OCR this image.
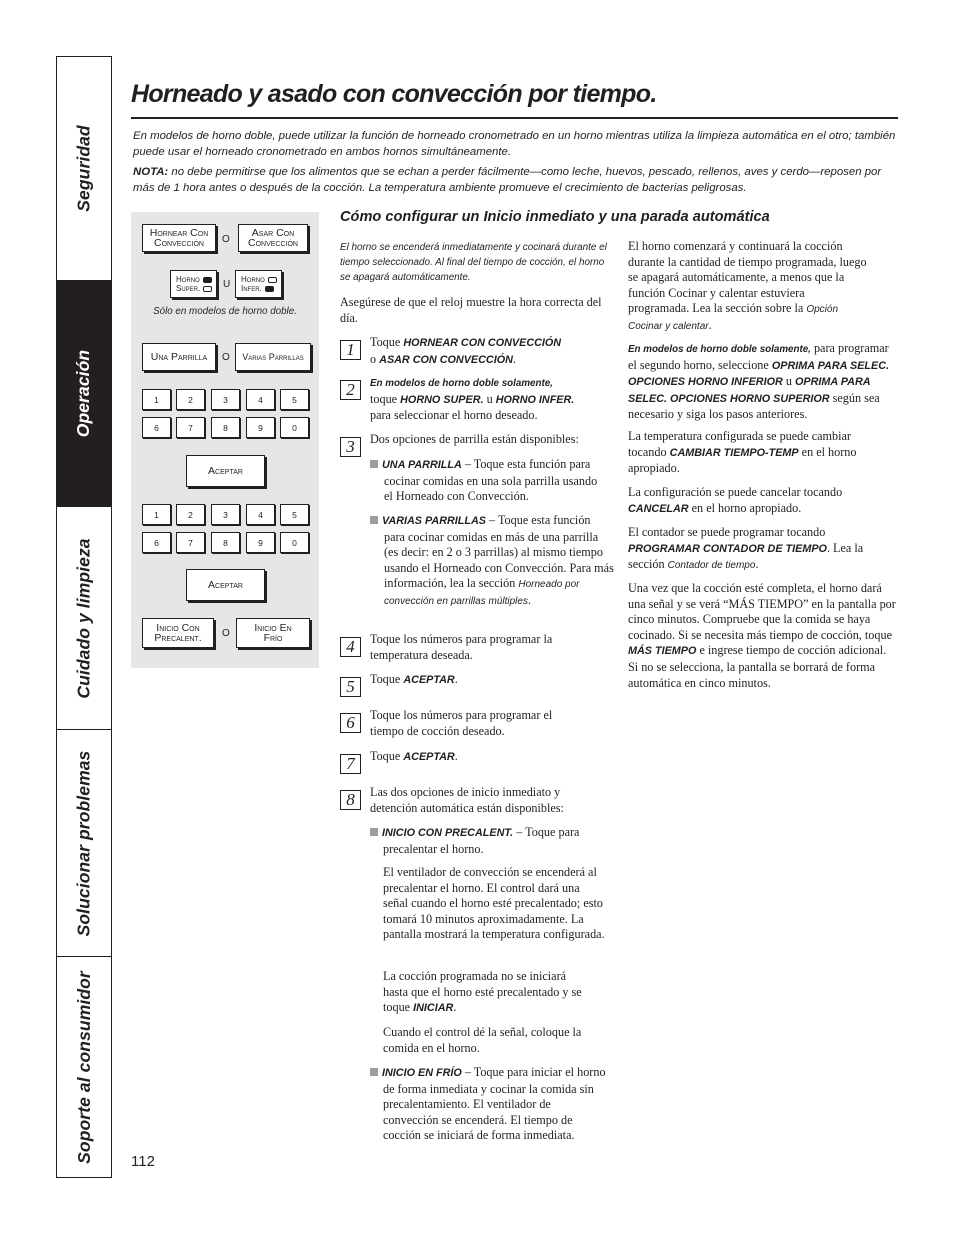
Seguridad
Operación
Cuidado y limpieza
Solucionar problemas
Soporte al consumidor
Horneado y asado con convección por tiempo.

En modelos de horno doble, puede utilizar la función de horneado cronometrado en un horno mientras utiliza la limpieza automática en el otro; también puede usar el horneado cronometrado en ambos hornos simultáneamente.

NOTA: no debe permitirse que los alimentos que se echan a perder fácilmente—como leche, huevos, pescado, rellenos, aves y cerdo—reposen por más de 1 hora antes o después de la cocción. La temperatura ambiente promueve el crecimiento de bacterias peligrosas.

Hornear Con
Convección	O
Asar Con
Convección
Horno
Super. U Horno
Infer.
Sólo en modelos de horno doble.
Una Parrilla	O	Varias Parrillas
1	2	3	4	5
6	7	8	9	0
Aceptar
1	2	3	4	5
6	7	8	9	0
Aceptar
Inicio Con
Precalent. O Inicio En
Frío
Cómo configurar un Inicio inmediato y una parada automática

El horno se encenderá inmediatamente y cocinará durante el tiempo seleccionado. Al final del tiempo de cocción, el horno se apagará automáticamente.

Asegúrese de que el reloj muestre la hora correcta del día.

1	Toque HORNEAR CON CONVECCIÓN
o ASAR CON CONVECCIÓN.

2	En modelos de horno doble solamente, toque HORNO SUPER. u HORNO INFER. para seleccionar el horno deseado.

3	Dos opciones de parrilla están disponibles:

UNA PARRILLA – Toque esta función para cocinar comidas en una sola parrilla usando el Horneado con Convección.

VARIAS PARRILLAS – Toque esta función para cocinar comidas en más de una parrilla (es decir: en 2 o 3 parrillas) al mismo tiempo usando el Horneado con Convección. Para más información, lea la sección Horneado por convección en parrillas múltiples.

4	Toque los números para programar la temperatura deseada.

5	Toque ACEPTAR.

6	Toque los números para programar el tiempo de cocción deseado.

7	Toque ACEPTAR.

8	Las dos opciones de inicio inmediato y detención automática están disponibles:

INICIO CON PRECALENT. – Toque para precalentar el horno.

El ventilador de convección se encenderá al precalentar el horno. El control dará una señal cuando el horno esté precalentado; esto tomará 10 minutos aproximadamente. La pantalla mostrará la temperatura configurada.

La cocción programada no se iniciará hasta que el horno esté precalentado y se toque INICIAR.

Cuando el control dé la señal, coloque la comida en el horno.

INICIO EN FRÍO – Toque para iniciar el horno de forma inmediata y cocinar la comida sin precalentamiento. El ventilador de convección se encenderá. El tiempo de cocción se iniciará de forma inmediata.

El horno comenzará y continuará la cocción durante la cantidad de tiempo programada, luego se apagará automáticamente, a menos que la función Cocinar y calentar estuviera programada. Lea la sección sobre la Opción Cocinar y calentar.

En modelos de horno doble solamente, para programar el segundo horno, seleccione OPRIMA PARA SELEC. OPCIONES HORNO INFERIOR u OPRIMA PARA SELEC. OPCIONES HORNO SUPERIOR según sea necesario y siga los pasos anteriores.

La temperatura configurada se puede cambiar tocando CAMBIAR TIEMPO-TEMP en el horno apropiado.

La configuración se puede cancelar tocando CANCELAR en el horno apropiado.

El contador se puede programar tocando PROGRAMAR CONTADOR DE TIEMPO. Lea la sección Contador de tiempo.

Una vez que la cocción esté completa, el horno dará una señal y se verá “MÁS TIEMPO” en la pantalla por cinco minutos. Compruebe que la comida se haya cocinado. Si se necesita más tiempo de cocción, toque MÁS TIEMPO e ingrese tiempo de cocción adicional. Si no se selecciona, la pantalla se borrará de forma automática en cinco minutos.

112
